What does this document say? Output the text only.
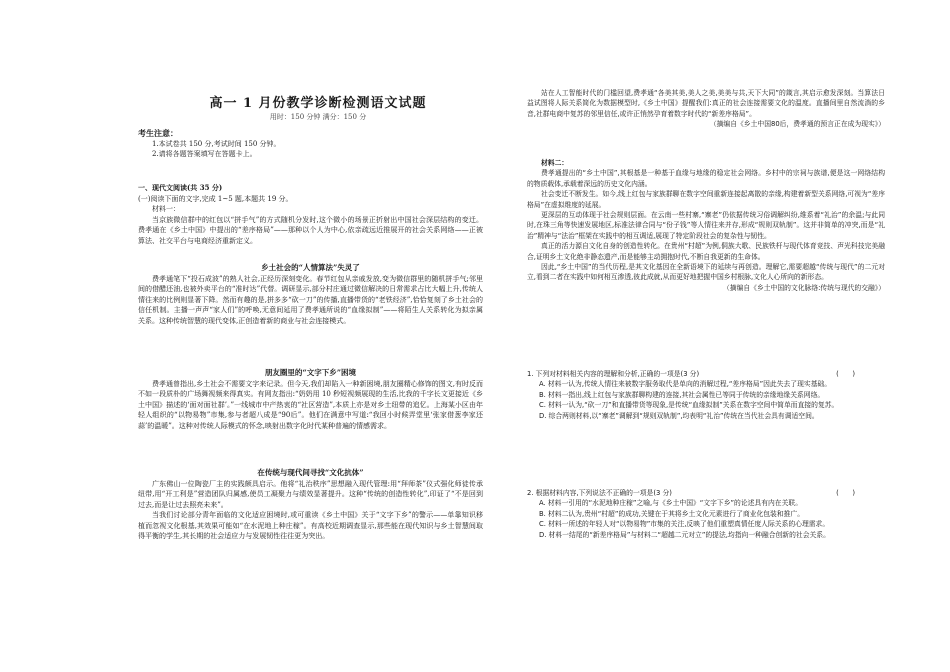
高一 1 月份教学诊断检测语文试题
用时：150 分钟 满分：150 分
考生注意：
1.本试卷共 150 分,考试时间 150 分钟。
2.请将各题答案填写在答题卡上。
一、现代文阅读(共 35 分)
(一)阅读下面的文字,完成 1~5 题,本题共 19 分。
材料一：
当京族微信群中的红包以“拼手气”的方式随机分发时,这个微小的场景正折射出中国社会深层结构的变迁。费孝通在《乡土中国》中提出的“差序格局”——那种以个人为中心,依亲疏远近推展开的社会关系网络——正被算法、社交平台与电商经济重新定义。
乡土社会的“人情算法”失灵了
费孝通笔下“投石成波”的熟人社会,正经历深刻变化。春节红包从亲戚发放,变为微信群里的随机拼手气;邻里间的借醋还油,也被外卖平台的“准时达”代替。调研显示,部分村庄通过微信解决的日常需求占比大幅上升,传统人情往来的比例则显著下降。然而有趣的是,拼多多“砍一刀”的传播,直播带货的“老铁经济”,恰恰复刻了乡土社会的信任机制。主播一声声“家人们”的呼唤,无意间延用了费孝通所说的“血缘拟制”——将陌生人关系转化为拟亲属关系。这种传统智慧的现代变体,正创造着新的商业与社会连接模式。
朋友圈里的“文字下乡”困境
费孝通曾指出,乡土社会不需要文字来记录。但今天,我们却陷入一种新困境,朋友圈精心修饰的图文,有时反而不如一段质朴的广场舞视频来得真实。有网友指出:“奶奶用 10 秒短视频展现的生活,比我的千字长文更接近《乡土中国》描述的‘面对面社群’。”一线城市中产热衷的“社区营造”,本质上亦是对乡土纽带的追忆。上海某小区由年轻人组织的“以物易物”市集,参与者超八成是“90后”。他们在满意中写道:“我回小时候弄堂里‘张家借葱李家还蒜’的温暖”。这种对传统人际模式的怀念,映射出数字化时代某种普遍的情感需求。
在传统与现代间寻找“文化抗体”
广东佛山一位陶瓷厂主的实践颇具启示。他将“礼治秩序”思想融入现代管理:用“拜师茶”仪式强化师徒传承纽带,用“开工利是”营造团队归属感,使员工凝聚力与绩效显著提升。这种“传统的创造性转化”,印证了“不是回到过去,而是让过去照亮未来”。
当我们讨论部分青年面临的文化适应困境时,或可重读《乡土中国》关于“文字下乡”的警示——单靠知识移植而忽视文化根基,其效果可能如“在水泥地上种庄稼”。有高校近期调查显示,那些能在现代知识与乡土智慧间取得平衡的学生,其长期的社会适应力与发展韧性往往更为突出。
站在人工智能时代的门槛回望,费孝通“各美其美,美人之美,美美与共,天下大同”的箴言,其启示愈发深刻。当算法日益试图将人际关系简化为数据模型时,《乡土中国》提醒我们:真正的社会连接需要文化的温度。直播间里自然流淌的乡音,社群电商中复苏的邻里信任,或许正悄然孕育着数字时代的“新差序格局”。
（摘编自《乡土中国80后，费孝通的预言正在成为现实》）
材料二：
费孝通提出的“乡土中国”,其根基是一种基于血缘与地缘的稳定社会网络。乡村中的宗祠与族谱,便是这一网络结构的物质载体,承载着深远的历史文化内涵。
社会变迁不断发生。如今,线上红包与家族群聊在数字空间重新连接起离散的亲缘,构建着新型关系网络,可视为“差序格局”在虚拟维度的延展。
更深层的互动体现于社会规则层面。在云南一些村寨,“寨老”仍依据传统习俗调解纠纷,维系着“礼治”的余温;与此同时,在珠三角等快速发展地区,标准法律合同与“份子钱”等人情往来并存,形成“规则双轨制”。这并非简单的冲突,而是“礼治”精神与“法治”框架在实践中的相互调适,展现了特定阶段社会的复杂性与韧性。
真正的活力源自文化自身的创造性转化。在贵州“村超”为例,侗族大歌、民族铁杆与现代体育竞技、声光科技完美融合,证明乡土文化绝非静态遗产,而是能够主动拥抱时代,不断自我更新的生命体。
因此,“乡土中国”的当代历程,是其文化基因在全新语境下的延续与再创造。理解它,需要超越“传统与现代”的二元对立,看到二者在实践中如何相互渗透,彼此成就,从而更好地把握中国乡村根脉,文化人心所向的新形态。
（摘编自《乡土中国的文化脉络:传统与现代的交融》）
1. 下列对材料相关内容的理解和分析,正确的一项是(3 分)	(　　)
A. 材料一认为,传统人情往来被数字服务取代是单向的消解过程,“差序格局”因此失去了现实基础。
B. 材料一指出,线上红包与家族群聊构建的连接,其社会属性已等同于传统的亲缘地缘关系网络。
C. 材料一认为,“砍一刀”和直播带货等现象,是传统“血缘拟制”关系在数字空间中简单而直接的复苏。
D. 综合两则材料,以“寨老”调解到“规则双轨制”,均表明“礼治”传统在当代社会具有调适空间。
2. 根据材料内容,下列说法不正确的一项是(3 分)	(　　)
A. 材料一引用的“水泥地种庄稼”之喻,与《乡土中国》“文字下乡”的论述具有内在关联。
B. 材料二认为,贵州“村超”的成功,关键在于其将乡土文化元素进行了商业化包装和推广。
C. 材料一所述的年轻人对“以物易物”市集的关注,反映了他们重塑真情任度人际关系的心理需求。
D. 材料一结尾的“新差序格局”与材料二“超越二元对立”的提法,均指向一种融合创新的社会关系。
